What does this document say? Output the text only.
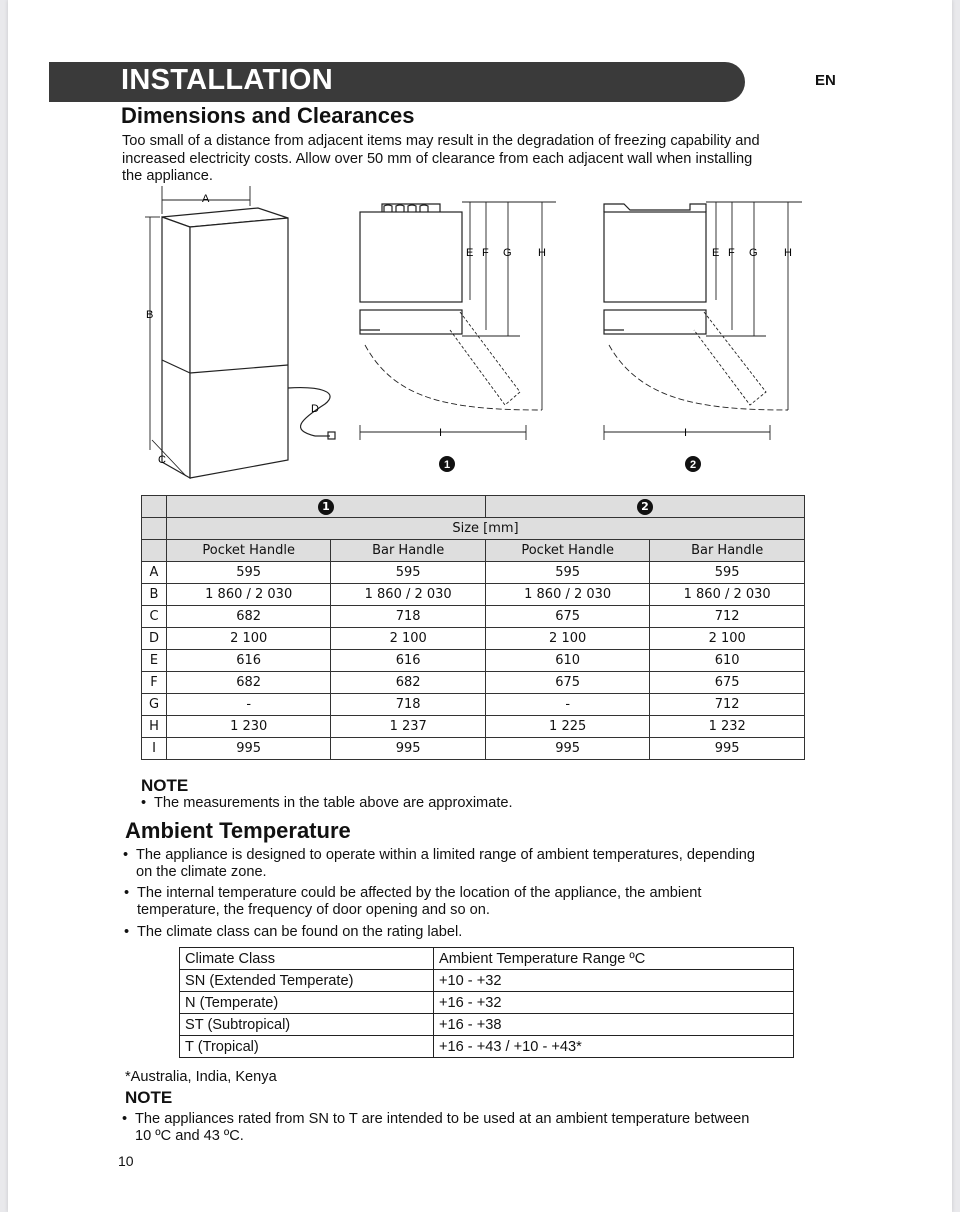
INSTALLATION	EN
Dimensions and Clearances
Too small of a distance from adjacent items may result in the degradation of freezing capability and
increased electricity costs. Allow over 50 mm of clearance from each adjacent wall when installing
the appliance.
A
B
C
D
E F G H
I
1
E F G H
I
2
	1		2	
	Size [mm]			
	Pocket Handle	Bar Handle	Pocket Handle	Bar Handle
A	595	595	595	595
B	1 860 / 2 030	1 860 / 2 030	1 860 / 2 030	1 860 / 2 030
C	682	718	675	712
D	2 100	2 100	2 100	2 100
E	616	616	610	610
F	682	682	675	675
G	-	718	-	712
H	1 230	1 237	1 225	1 232
I	995	995	995	995
NOTE
• The measurements in the table above are approximate.
Ambient Temperature
• The appliance is designed to operate within a limited range of ambient temperatures, depending
on the climate zone.
• The internal temperature could be affected by the location of the appliance, the ambient
temperature, the frequency of door opening and so on.
• The climate class can be found on the rating label.
Climate Class	Ambient Temperature Range ºC
SN (Extended Temperate)	+10 - +32
N (Temperate)	+16 - +32
ST (Subtropical)	+16 - +38
T (Tropical)	+16 - +43 / +10 - +43*
*Australia, India, Kenya
NOTE
• The appliances rated from SN to T are intended to be used at an ambient temperature between
10 ºC and 43 ºC.
10
